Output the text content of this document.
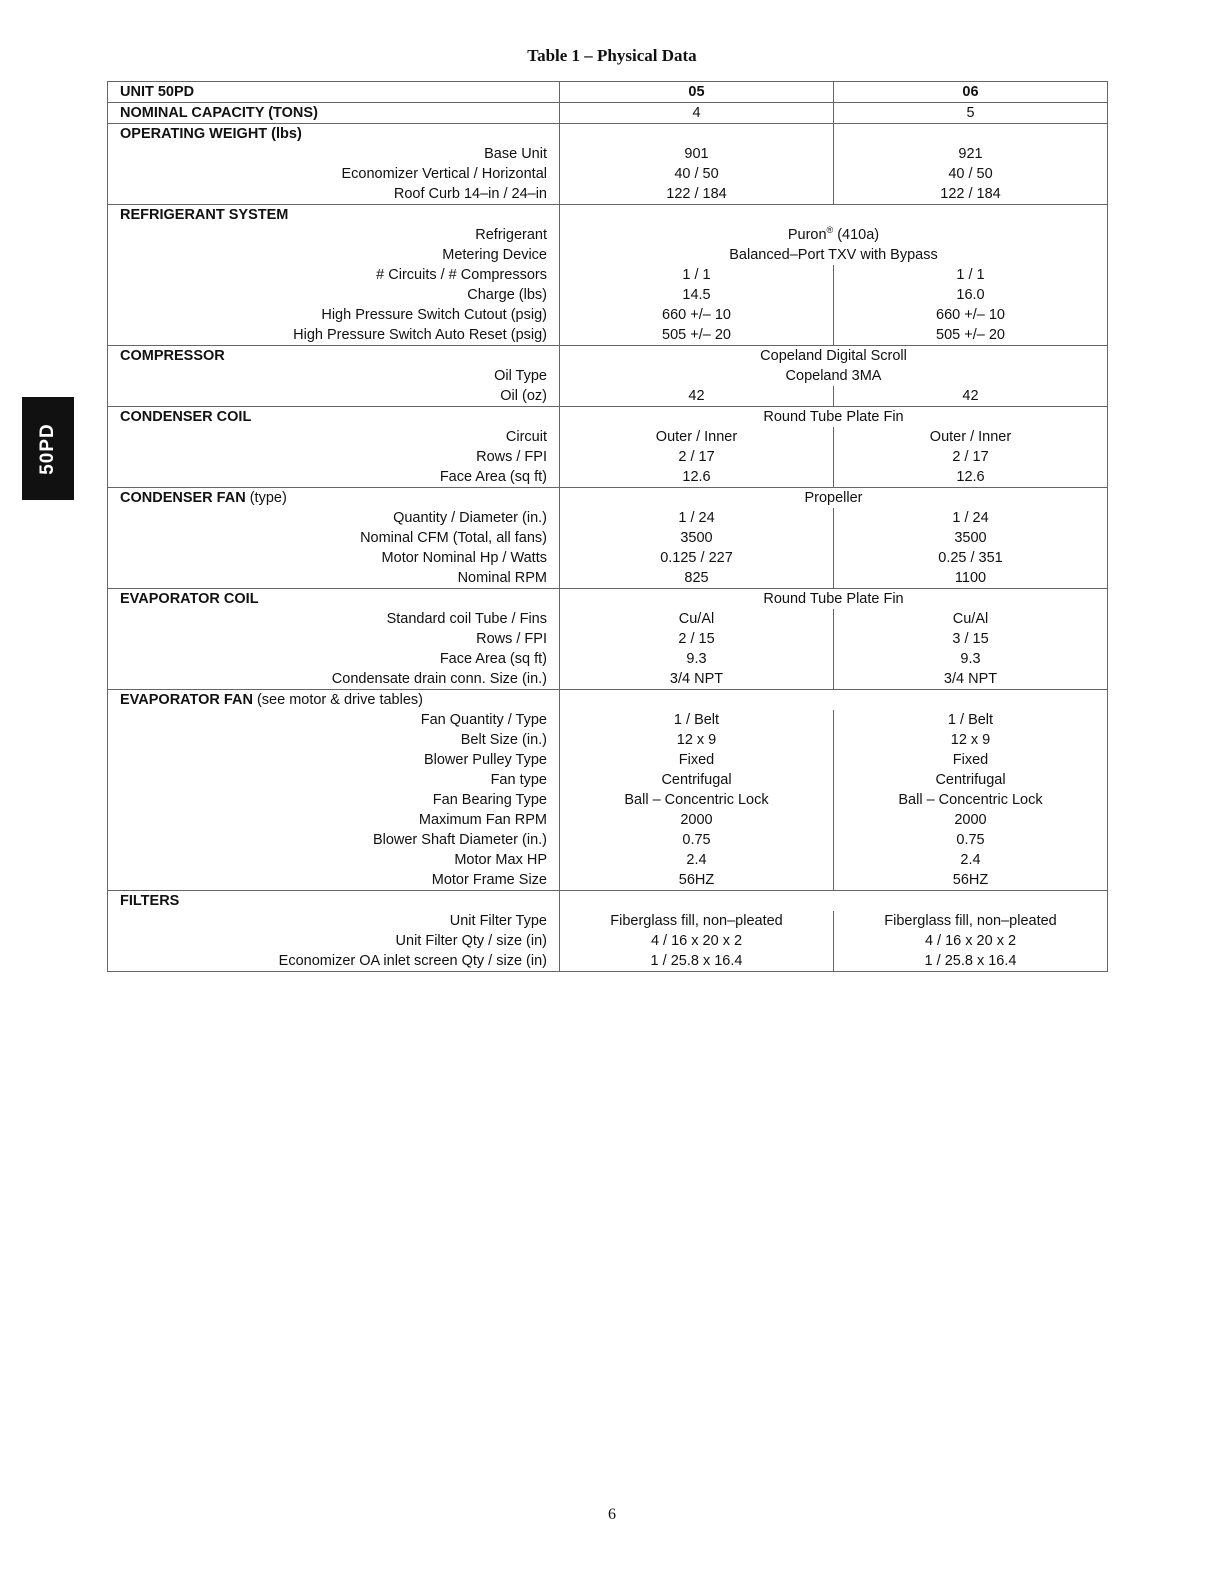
Table 1 – Physical Data
50PD
UNIT 50PD	05	06
NOMINAL CAPACITY (TONS)	4	5
OPERATING WEIGHT (lbs)		
Base Unit	901	921
Economizer Vertical / Horizontal	40 / 50	40 / 50
Roof Curb 14–in / 24–in	122 / 184	122 / 184
REFRIGERANT SYSTEM		
Refrigerant	Puron® (410a)	
Metering Device	Balanced–Port TXV with Bypass	
# Circuits / # Compressors	1 / 1	1 / 1
Charge (lbs)	14.5	16.0
High Pressure Switch Cutout (psig)	660 +/– 10	660 +/– 10
High Pressure Switch Auto Reset (psig)	505 +/– 20	505 +/– 20
COMPRESSOR	Copeland Digital Scroll	
Oil Type	Copeland 3MA	
Oil (oz)	42	42
CONDENSER COIL	Round Tube Plate Fin	
Circuit	Outer / Inner	Outer / Inner
Rows / FPI	2 / 17	2 / 17
Face Area (sq ft)	12.6	12.6
CONDENSER FAN (type)	Propeller	
Quantity / Diameter (in.)	1 / 24	1 / 24
Nominal CFM (Total, all fans)	3500	3500
Motor Nominal Hp / Watts	0.125 / 227	0.25 / 351
Nominal RPM	825	1100
EVAPORATOR COIL	Round Tube Plate Fin	
Standard coil Tube / Fins	Cu/Al	Cu/Al
Rows / FPI	2 / 15	3 / 15
Face Area (sq ft)	9.3	9.3
Condensate drain conn. Size (in.)	3/4 NPT	3/4 NPT
EVAPORATOR FAN (see motor & drive tables)		
Fan Quantity / Type	1 / Belt	1 / Belt
Belt Size (in.)	12 x 9	12 x 9
Blower Pulley Type	Fixed	Fixed
Fan type	Centrifugal	Centrifugal
Fan Bearing Type	Ball – Concentric Lock	Ball – Concentric Lock
Maximum Fan RPM	2000	2000
Blower Shaft Diameter (in.)	0.75	0.75
Motor Max HP	2.4	2.4
Motor Frame Size	56HZ	56HZ
FILTERS		
Unit Filter Type	Fiberglass fill, non–pleated	Fiberglass fill, non–pleated
Unit Filter Qty / size (in)	4 / 16 x 20 x 2	4 / 16 x 20 x 2
Economizer OA inlet screen Qty / size (in)	1 / 25.8 x 16.4	1 / 25.8 x 16.4
6
